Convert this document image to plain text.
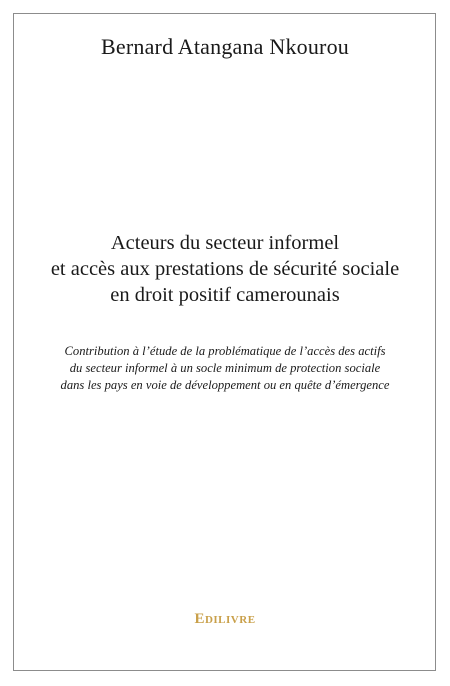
Bernard Atangana Nkourou
Acteurs du secteur informel
et accès aux prestations de sécurité sociale
en droit positif camerounais
Contribution à l’étude de la problématique de l’accès des actifs
du secteur informel à un socle minimum de protection sociale
dans les pays en voie de développement ou en quête d’émergence
Edilivre
